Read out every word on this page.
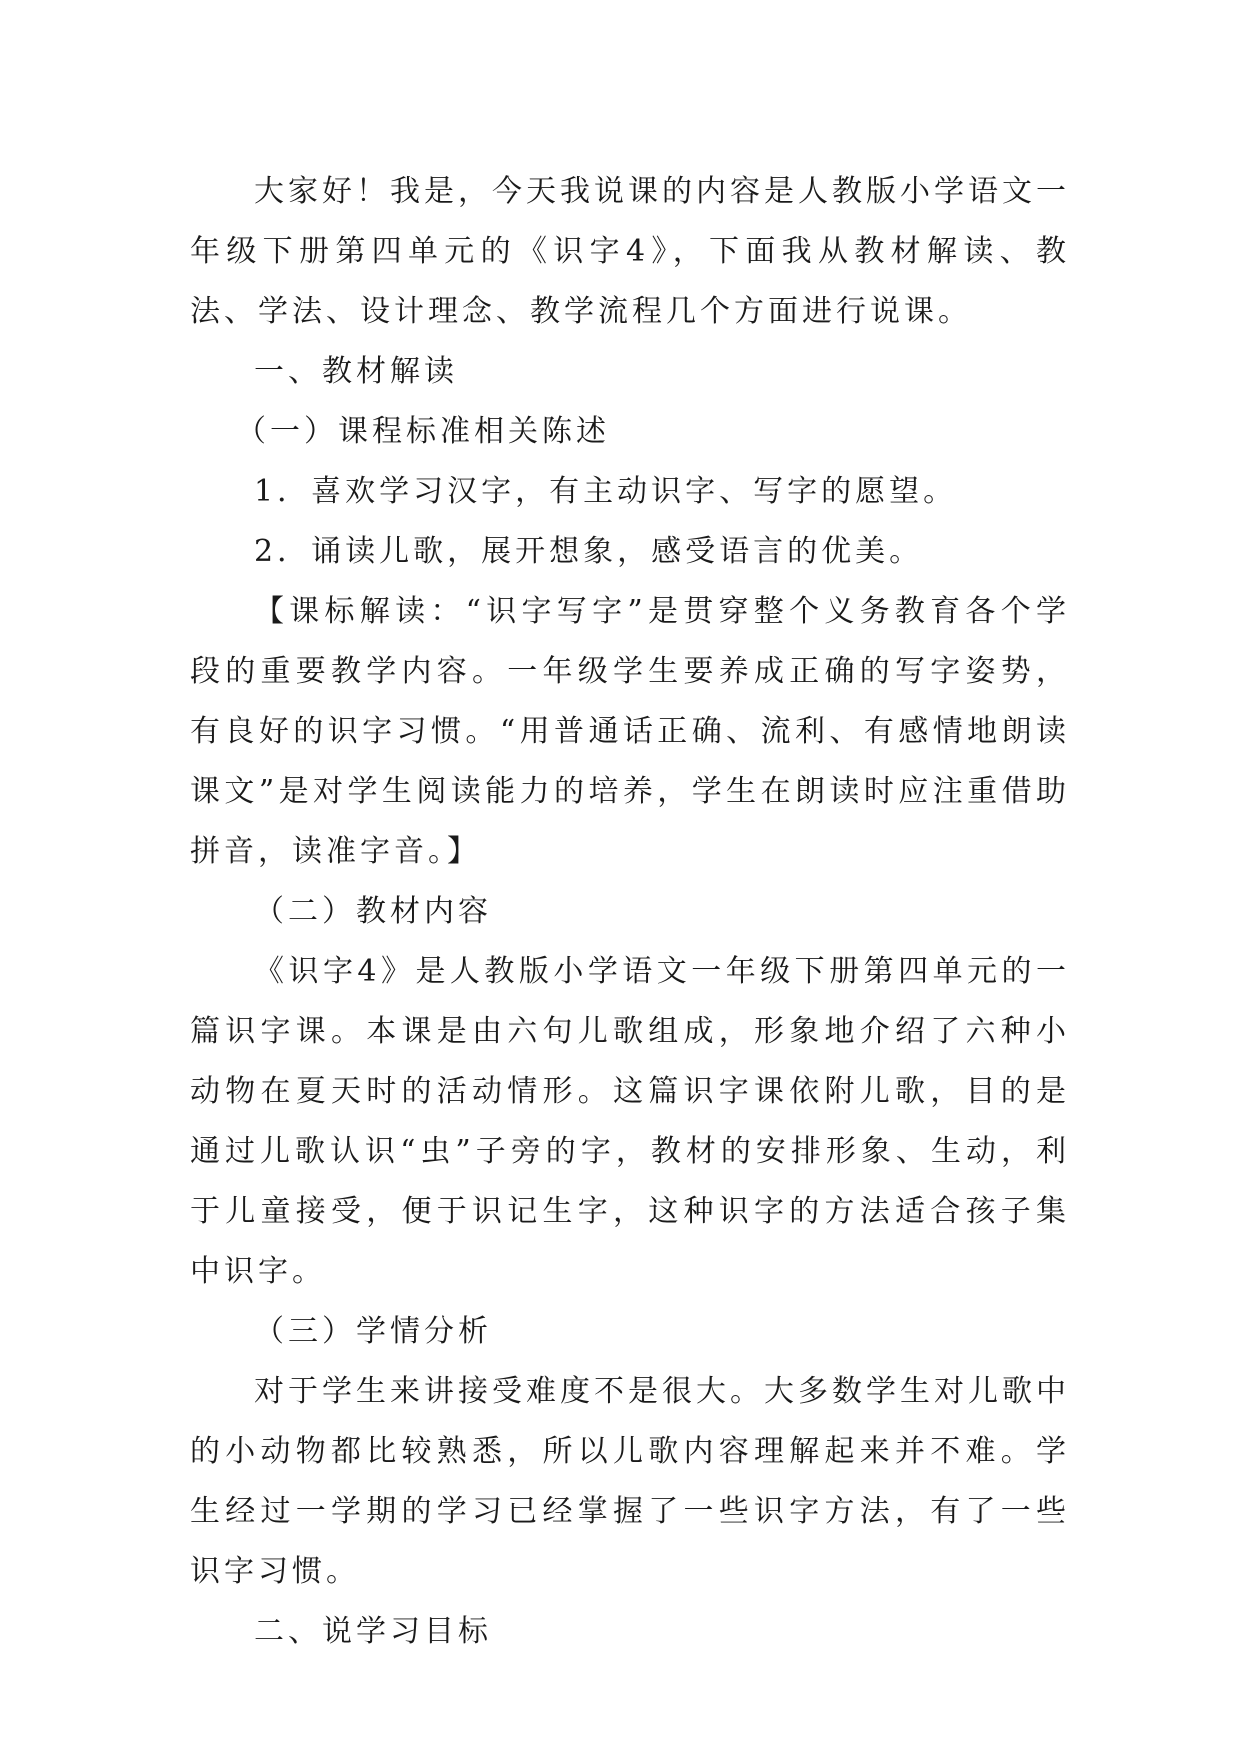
大家好！我是，今天我说课的内容是人教版小学语文一年级下册第四单元的《识字4》，下面我从教材解读、教法、学法、设计理念、教学流程几个方面进行说课。

一、教材解读

（一）课程标准相关陈述

1．喜欢学习汉字，有主动识字、写字的愿望。

2．诵读儿歌，展开想象，感受语言的优美。

【课标解读：“识字写字”是贯穿整个义务教育各个学段的重要教学内容。一年级学生要养成正确的写字姿势，有良好的识字习惯。“用普通话正确、流利、有感情地朗读课文”是对学生阅读能力的培养，学生在朗读时应注重借助拼音，读准字音。】

（二）教材内容

《识字4》是人教版小学语文一年级下册第四单元的一篇识字课。本课是由六句儿歌组成，形象地介绍了六种小动物在夏天时的活动情形。这篇识字课依附儿歌，目的是通过儿歌认识“虫”子旁的字，教材的安排形象、生动，利于儿童接受，便于识记生字，这种识字的方法适合孩子集中识字。

（三）学情分析

对于学生来讲接受难度不是很大。大多数学生对儿歌中的小动物都比较熟悉，所以儿歌内容理解起来并不难。学生经过一学期的学习已经掌握了一些识字方法，有了一些识字习惯。

二、说学习目标
